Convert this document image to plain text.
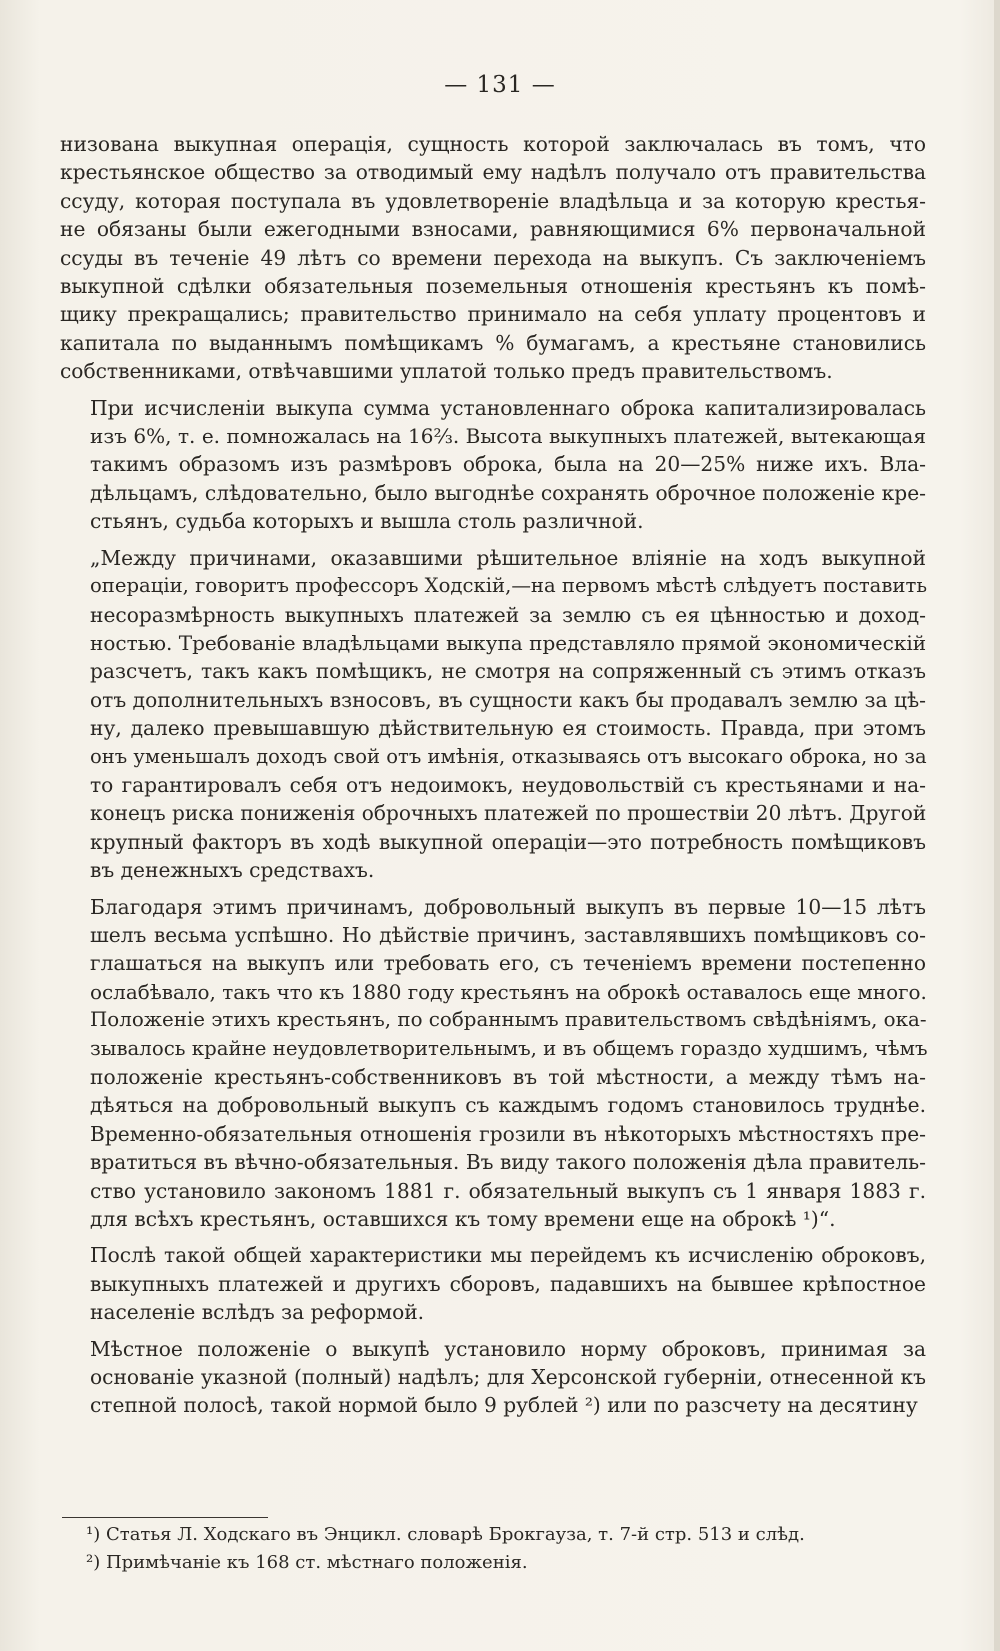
— 131 —
низована выкупная операція, сущность которой заключалась въ томъ, что
крестьянское общество за отводимый ему надѣлъ получало отъ правительства
ссуду, которая поступала въ удовлетвореніе владѣльца и за которую крестья-
не обязаны были ежегодными взносами, равняющимися 6% первоначальной
ссуды въ теченіе 49 лѣтъ со времени перехода на выкупъ. Съ заключеніемъ
выкупной сдѣлки обязательныя поземельныя отношенія крестьянъ къ помѣ-
щику прекращались; правительство принимало на себя уплату процентовъ и
капитала по выданнымъ помѣщикамъ % бумагамъ, а крестьяне становились
собственниками, отвѣчавшими уплатой только предъ правительствомъ.
При исчисленіи выкупа сумма установленнаго оброка капитализировалась
изъ 6%, т. е. помножалась на 16⅔. Высота выкупныхъ платежей, вытекающая
такимъ образомъ изъ размѣровъ оброка, была на 20—25% ниже ихъ. Вла-
дѣльцамъ, слѣдовательно, было выгоднѣе сохранять оброчное положеніе кре-
стьянъ, судьба которыхъ и вышла столь различной.
„Между причинами, оказавшими рѣшительное вліяніе на ходъ выкупной
операціи, говоритъ профессоръ Ходскій,—на первомъ мѣстѣ слѣдуетъ поставить
несоразмѣрность выкупныхъ платежей за землю съ ея цѣнностью и доход-
ностью. Требованіе владѣльцами выкупа представляло прямой экономическій
разсчетъ, такъ какъ помѣщикъ, не смотря на сопряженный съ этимъ отказъ
отъ дополнительныхъ взносовъ, въ сущности какъ бы продавалъ землю за цѣ-
ну, далеко превышавшую дѣйствительную ея стоимость. Правда, при этомъ
онъ уменьшалъ доходъ свой отъ имѣнія, отказываясь отъ высокаго оброка, но за
то гарантировалъ себя отъ недоимокъ, неудовольствій съ крестьянами и на-
конецъ риска пониженія оброчныхъ платежей по прошествіи 20 лѣтъ. Другой
крупный факторъ въ ходѣ выкупной операціи—это потребность помѣщиковъ
въ денежныхъ средствахъ.
Благодаря этимъ причинамъ, добровольный выкупъ въ первые 10—15 лѣтъ
шелъ весьма успѣшно. Но дѣйствіе причинъ, заставлявшихъ помѣщиковъ со-
глашаться на выкупъ или требовать его, съ теченіемъ времени постепенно
ослабѣвало, такъ что къ 1880 году крестьянъ на оброкѣ оставалось еще много.
Положеніе этихъ крестьянъ, по собраннымъ правительствомъ свѣдѣніямъ, ока-
зывалось крайне неудовлетворительнымъ, и въ общемъ гораздо худшимъ, чѣмъ
положеніе крестьянъ-собственниковъ въ той мѣстности, а между тѣмъ на-
дѣяться на добровольный выкупъ съ каждымъ годомъ становилось труднѣе.
Временно-обязательныя отношенія грозили въ нѣкоторыхъ мѣстностяхъ пре-
вратиться въ вѣчно-обязательныя. Въ виду такого положенія дѣла правитель-
ство установило закономъ 1881 г. обязательный выкупъ съ 1 января 1883 г.
для всѣхъ крестьянъ, оставшихся къ тому времени еще на оброкѣ ¹)“.
Послѣ такой общей характеристики мы перейдемъ къ исчисленію оброковъ,
выкупныхъ платежей и другихъ сборовъ, падавшихъ на бывшее крѣпостное
населеніе вслѣдъ за реформой.
Мѣстное положеніе о выкупѣ установило норму оброковъ, принимая за
основаніе указной (полный) надѣлъ; для Херсонской губерніи, отнесенной къ
степной полосѣ, такой нормой было 9 рублей ²) или по разсчету на десятину
¹) Статья Л. Ходскаго въ Энцикл. словарѣ Брокгауза, т. 7-й стр. 513 и слѣд.
²) Примѣчаніе къ 168 ст. мѣстнаго положенія.
